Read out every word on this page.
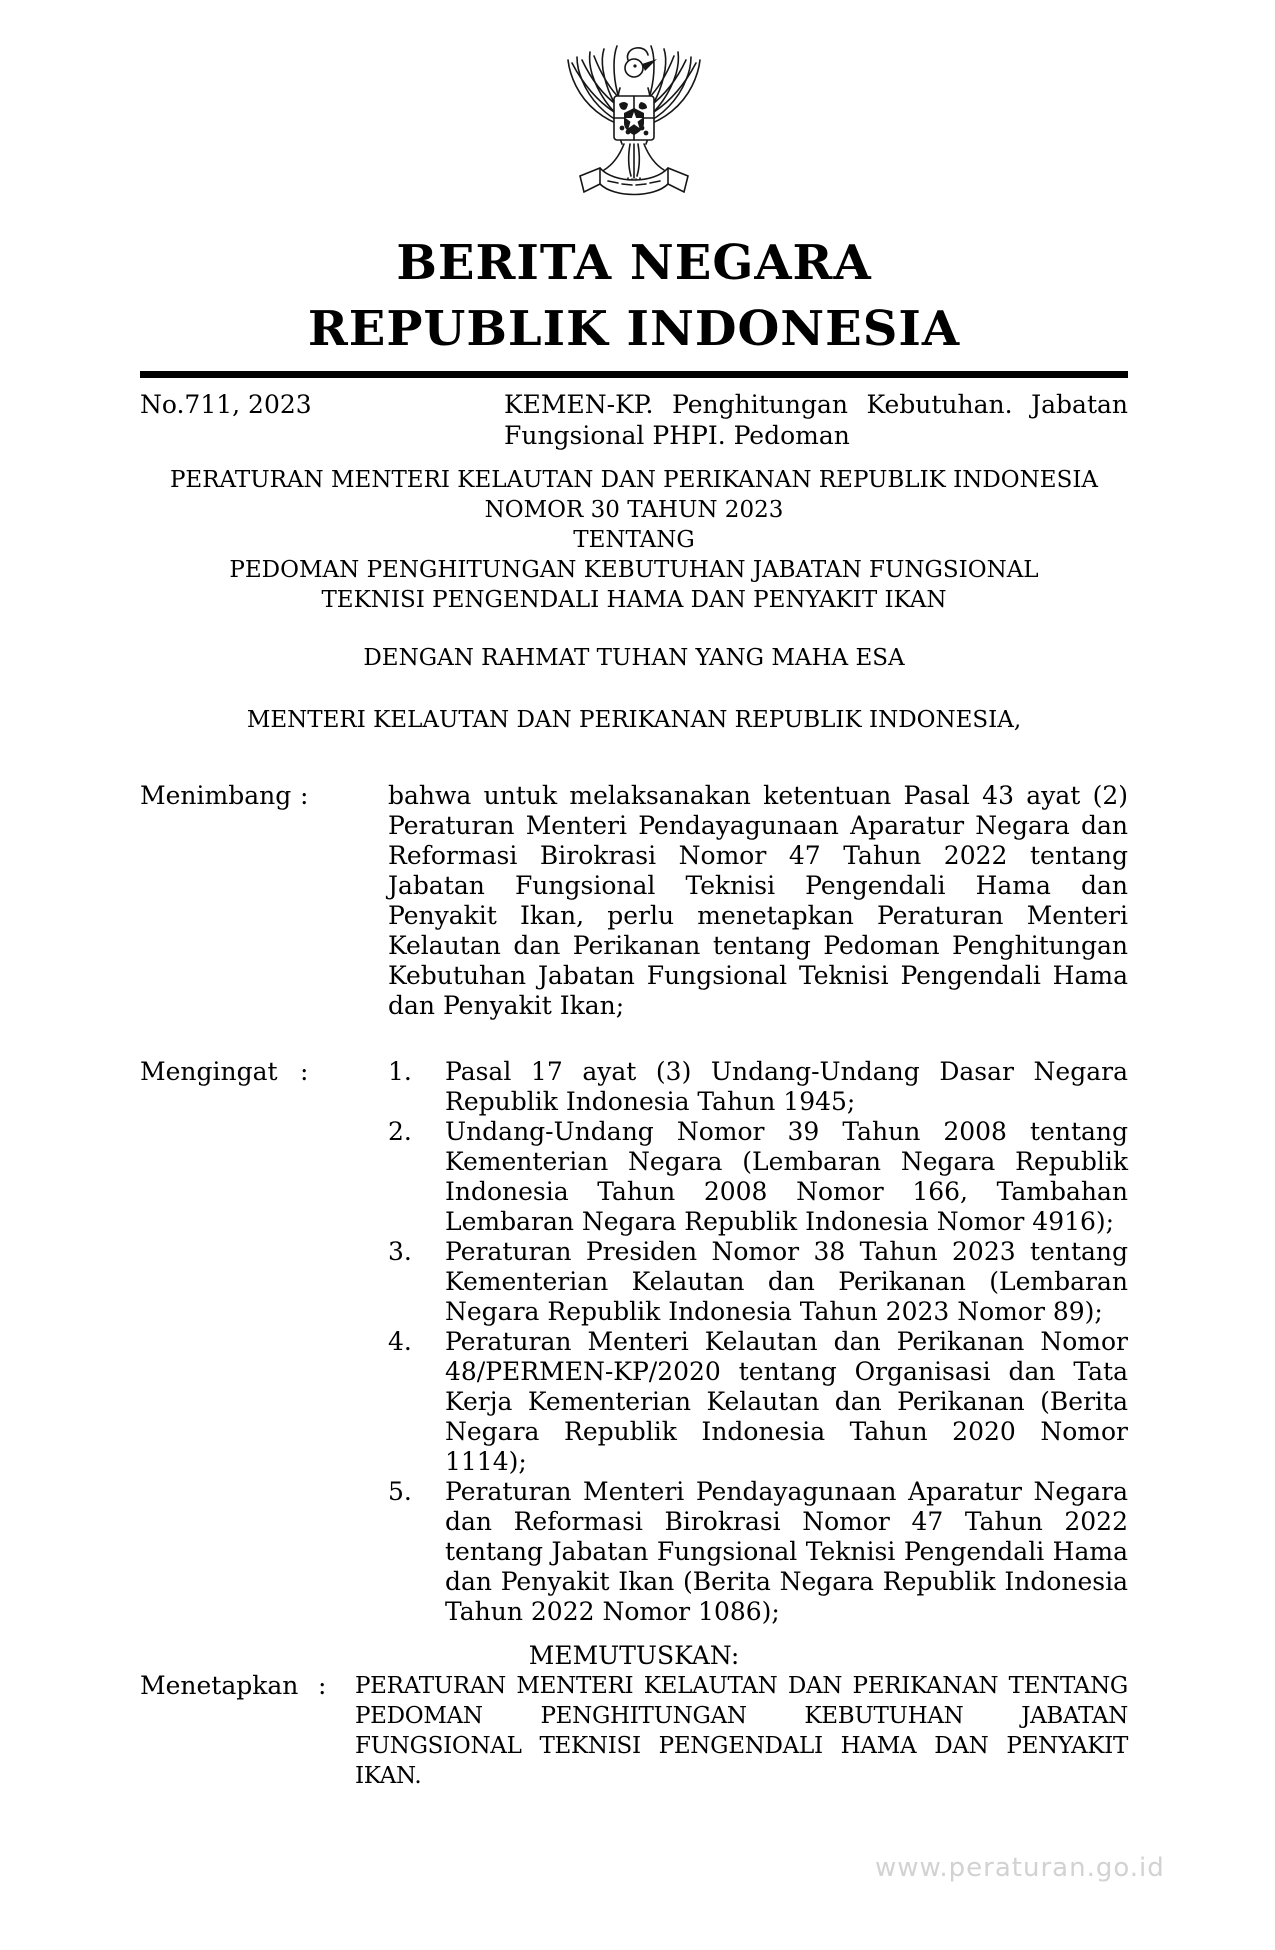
BERITA NEGARA
REPUBLIK INDONESIA
No.711, 2023	KEMEN-KP. Penghitungan Kebutuhan. Jabatan
Fungsional PHPI. Pedoman
PERATURAN MENTERI KELAUTAN DAN PERIKANAN REPUBLIK INDONESIA
NOMOR 30 TAHUN 2023
TENTANG
PEDOMAN PENGHITUNGAN KEBUTUHAN JABATAN FUNGSIONAL
TEKNISI PENGENDALI HAMA DAN PENYAKIT IKAN
DENGAN RAHMAT TUHAN YANG MAHA ESA
MENTERI KELAUTAN DAN PERIKANAN REPUBLIK INDONESIA,
Menimbang :	bahwa untuk melaksanakan ketentuan Pasal 43 ayat (2) Peraturan Menteri Pendayagunaan Aparatur Negara dan Reformasi Birokrasi Nomor 47 Tahun 2022 tentang Jabatan Fungsional Teknisi Pengendali Hama dan Penyakit Ikan, perlu menetapkan Peraturan Menteri Kelautan dan Perikanan tentang Pedoman Penghitungan Kebutuhan Jabatan Fungsional Teknisi Pengendali Hama dan Penyakit Ikan;
Mengingat :	1.	Pasal 17 ayat (3) Undang-Undang Dasar Negara Republik Indonesia Tahun 1945;
2.	Undang-Undang Nomor 39 Tahun 2008 tentang Kementerian Negara (Lembaran Negara Republik Indonesia Tahun 2008 Nomor 166, Tambahan Lembaran Negara Republik Indonesia Nomor 4916);
3.	Peraturan Presiden Nomor 38 Tahun 2023 tentang Kementerian Kelautan dan Perikanan (Lembaran Negara Republik Indonesia Tahun 2023 Nomor 89);
4.	Peraturan Menteri Kelautan dan Perikanan Nomor 48/PERMEN-KP/2020 tentang Organisasi dan Tata Kerja Kementerian Kelautan dan Perikanan (Berita Negara Republik Indonesia Tahun 2020 Nomor 1114);
5.	Peraturan Menteri Pendayagunaan Aparatur Negara dan Reformasi Birokrasi Nomor 47 Tahun 2022 tentang Jabatan Fungsional Teknisi Pengendali Hama dan Penyakit Ikan (Berita Negara Republik Indonesia Tahun 2022 Nomor 1086);
MEMUTUSKAN:
Menetapkan :	PERATURAN MENTERI KELAUTAN DAN PERIKANAN TENTANG PEDOMAN PENGHITUNGAN KEBUTUHAN JABATAN FUNGSIONAL TEKNISI PENGENDALI HAMA DAN PENYAKIT IKAN.
www.peraturan.go.id
